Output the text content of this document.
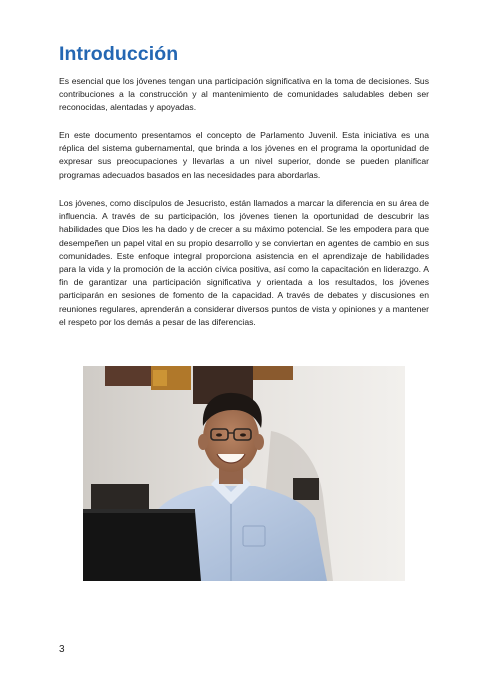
Introducción

Es esencial que los jóvenes tengan una participación significativa en la toma de decisiones. Sus contribuciones a la construcción y al mantenimiento de comunidades saludables deben ser reconocidas, alentadas y apoyadas.

En este documento presentamos el concepto de Parlamento Juvenil. Esta iniciativa es una réplica del sistema gubernamental, que brinda a los jóvenes en el programa la oportunidad de expresar sus preocupaciones y llevarlas a un nivel superior, donde se pueden planificar programas adecuados basados en las necesidades para abordarlas.

Los jóvenes, como discípulos de Jesucristo, están llamados a marcar la diferencia en su área de influencia. A través de su participación, los jóvenes tienen la oportunidad de descubrir las habilidades que Dios les ha dado y de crecer a su máximo potencial. Se les empodera para que desempeñen un papel vital en su propio desarrollo y se conviertan en agentes de cambio en sus comunidades. Este enfoque integral proporciona asistencia en el aprendizaje de habilidades para la vida y la promoción de la acción cívica positiva, así como la capacitación en liderazgo. A fin de garantizar una participación significativa y orientada a los resultados, los jóvenes participarán en sesiones de fomento de la capacidad. A través de debates y discusiones en reuniones regulares, aprenderán a considerar diversos puntos de vista y opiniones y a mantener el respeto por los demás a pesar de las diferencias.

3
